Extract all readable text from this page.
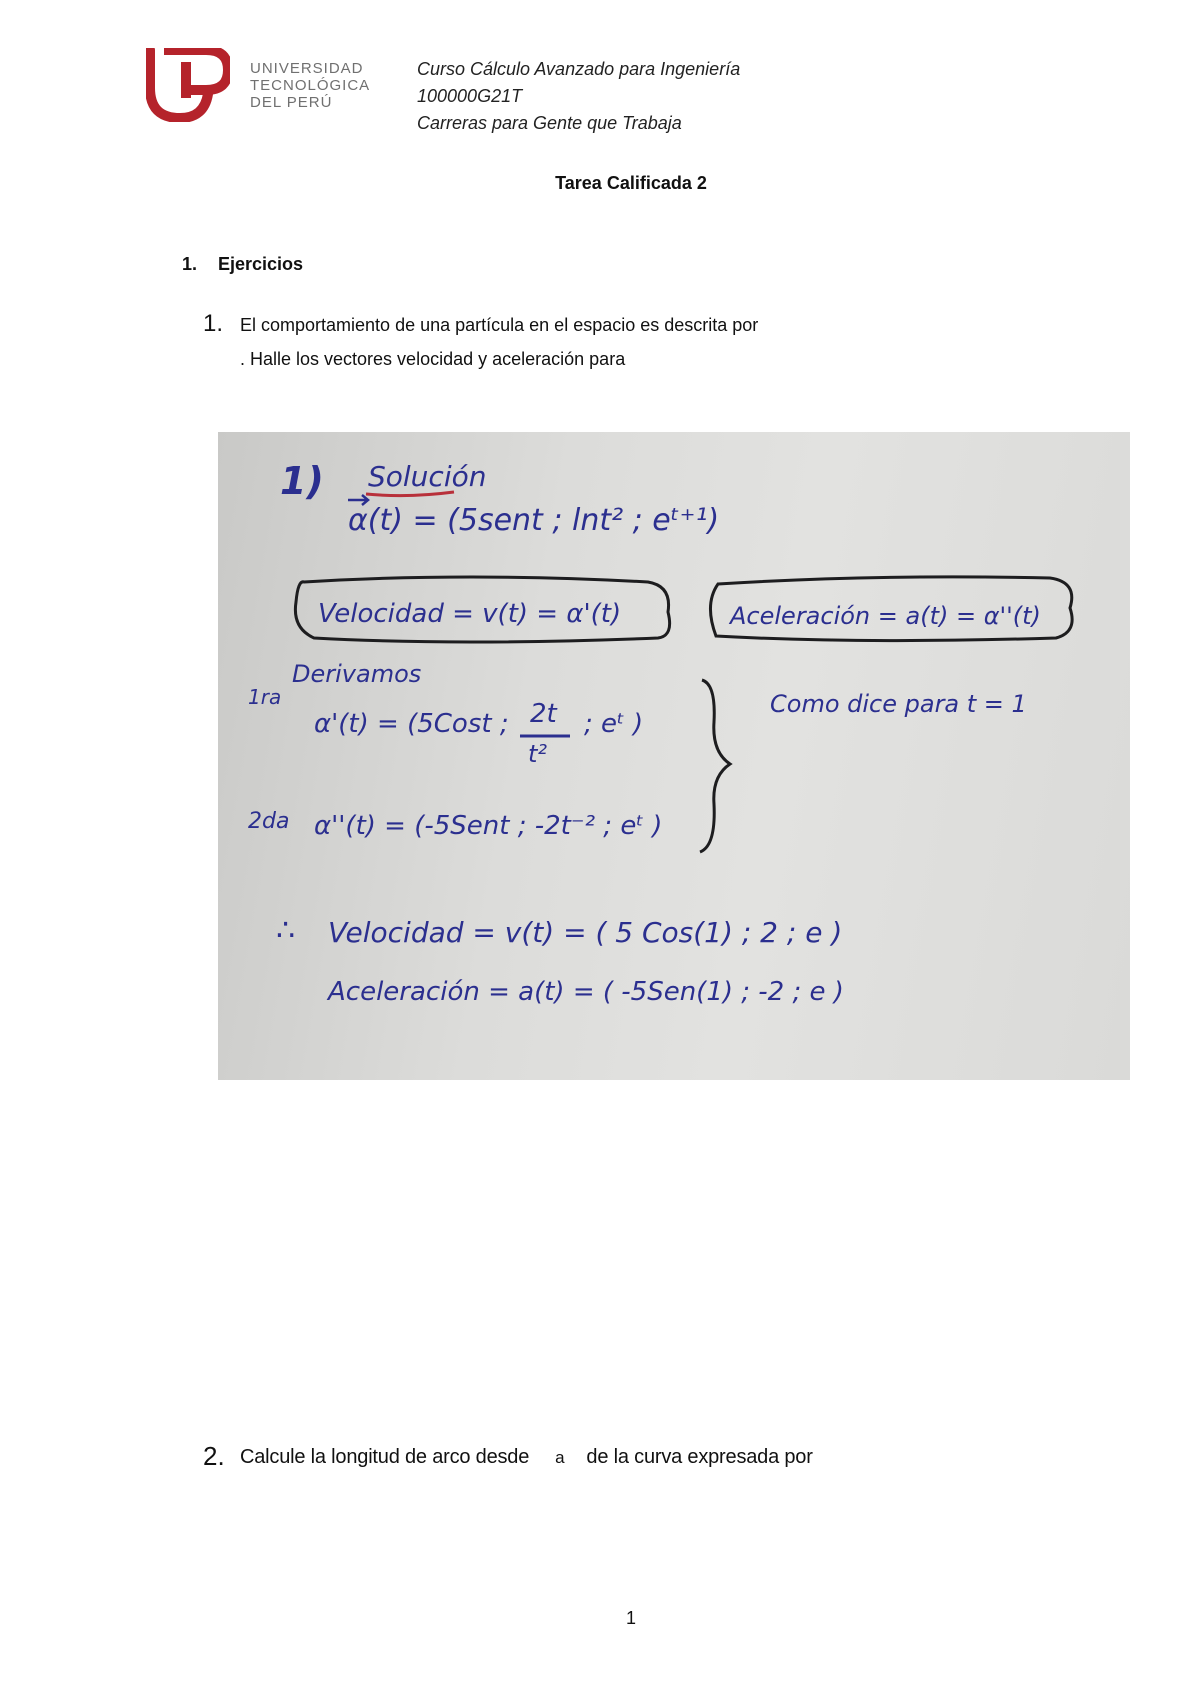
UNIVERSIDAD
TECNOLÓGICA
DEL PERÚ
Curso Cálculo Avanzado para Ingeniería
100000G21T
Carreras para Gente que Trabaja
Tarea Calificada 2
1. Ejercicios
1. El comportamiento de una partícula en el espacio es descrita por
. Halle los vectores velocidad y aceleración para
1) Solución
α(t) = (5sent ; lnt² ; eᵗ⁺¹)
Velocidad = v(t) = α'(t)	Aceleración = a(t) = α''(t)
Derivamos
1ra
α'(t) = (5Cost ; 2t
t²
; eᵗ )
2da α''(t) = (-5Sent ; -2t⁻² ; eᵗ )
Como dice para t = 1
∴ Velocidad = v(t) = ( 5 Cos(1) ; 2 ; e )
Aceleración = a(t) = ( -5Sen(1) ; -2 ; e )
2. Calcule la longitud de arco desde a de la curva expresada por
1
